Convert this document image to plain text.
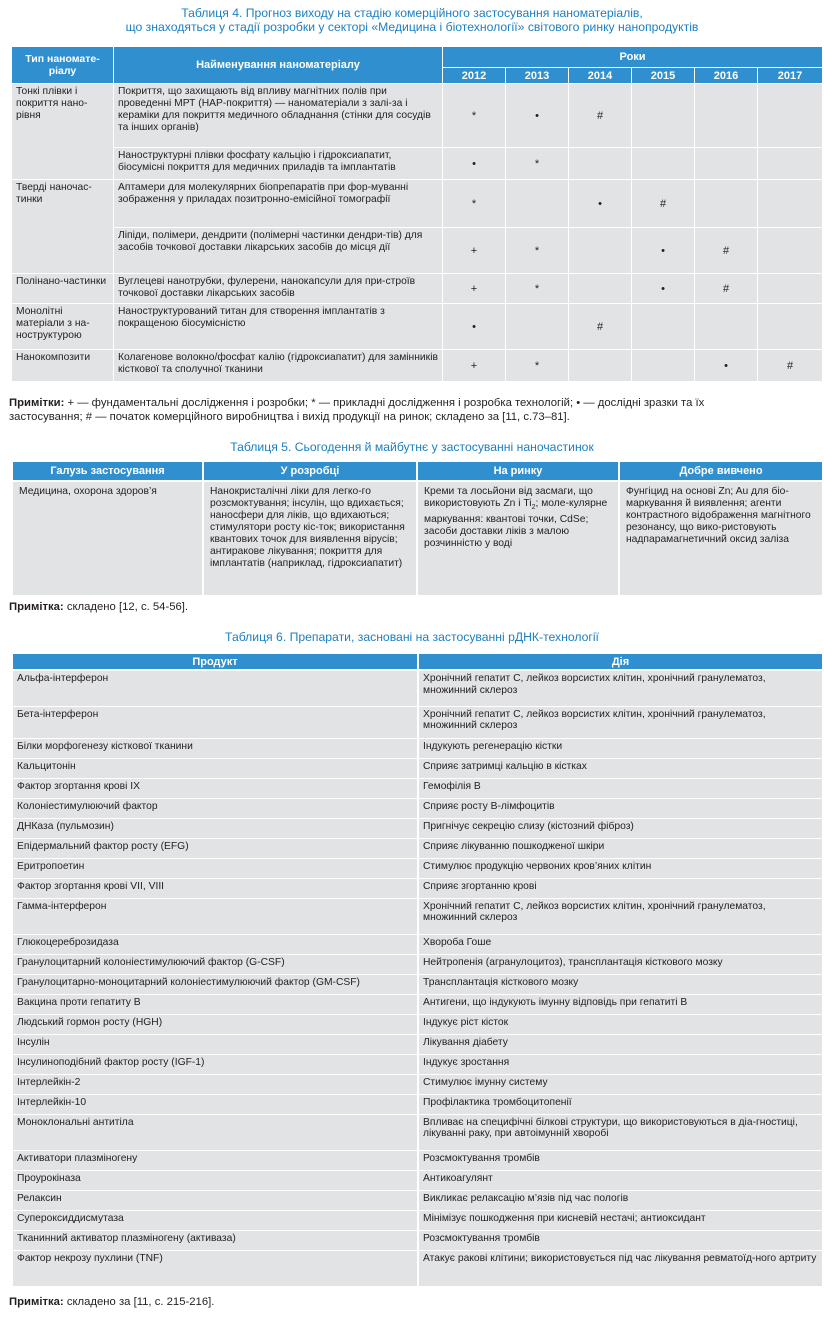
Таблиця 4. Прогноз виходу на стадію комерційного застосування наноматеріалів,
що знаходяться у стадії розробки у секторі «Медицина і біотехнології» світового ринку нанопродуктів
Тип наномате-ріалу	Найменування наноматеріалу	Роки					
		2012	2013	2014	2015	2016	2017
Тонкі плівки і покриття нано-рівня	Покриття, що захищають від впливу магнітних полів при проведенні МРТ (НАР-покриття) — наноматеріали з залі-за і кераміки для покриття медичного обладнання (стінки для сосудів та інших органів)	*	•	#			
	Наноструктурні плівки фосфату кальцію і гідроксиапатит, біосумісні покриття для медичних приладів та імплантатів	•	*				
Тверді наночас-тинки	Аптамери для молекулярних біопрепаратів при фор-муванні зображення у приладах позитронно-емісійної томографії	*		•	#		
	Ліпіди, полімери, дендрити (полімерні частинки дендри-тів) для засобів точкової доставки лікарських засобів до місця дії	+	*		•	#	
Полінано-частинки	Вуглецеві нанотрубки, фулерени, нанокапсули для при-строїв точкової доставки лікарських засобів	+	*		•	#	
Монолітні матеріали з на-ноструктурою	Наноструктурований титан для створення імплантатів з покращеною біосумісністю	•		#			
Нанокомпозити	Колагенове волокно/фосфат калію (гідроксиапатит) для замінників кісткової та сполучної тканини	+	*			•	#
Примітки: + — фундаментальні дослідження і розробки; * — прикладні дослідження і розробка технологій; • — дослідні зразки та їх
застосування; # — початок комерційного виробництва і вихід продукції на ринок; складено за [11, с.73–81].
Таблиця 5. Сьогодення й майбутнє у застосуванні наночастинок
Галузь застосування	У розробці	На ринку	Добре вивчено
Медицина, охорона здоров’я	Нанокристалічні ліки для легко-го розсмоктування; інсулін, що вдихається; наносфери для ліків, що вдихаються; стимулятори росту кіс-ток; використання квантових точок для виявлення вірусів; антиракове лікування; покриття для імплантатів (наприклад, гідроксиапатит)	Креми та лосьйони від засмаги, що використовують Zn і $Ti_2$; моле-кулярне маркування: квантові точки, CdSe; засоби доставки ліків з малою розчинністю у воді	Фунгіцид на основі Zn; Au для біо-маркування й виявлення; агенти контрастного відображення магнітного резонансу, що вико-ристовують надпарамагнетичний оксид заліза
Примітка: складено [12, с. 54-56].
Таблиця 6. Препарати, засновані на застосуванні рДНК-технології
Продукт	Дія
Альфа-інтерферон	Хронічний гепатит С, лейкоз ворсистих клітин, хронічний гранулематоз, множинний склероз
Бета-інтерферон	Хронічний гепатит С, лейкоз ворсистих клітин, хронічний гранулематоз, множинний склероз
Білки морфогенезу кісткової тканини	Індукують регенерацію кістки
Кальцитонін	Сприяє затримці кальцію в кістках
Фактор згортання крові IX	Гемофілія B
Колоніестимулюючий фактор	Сприяє росту В-лімфоцитів
ДНКаза (пульмозин)	Пригнічує секрецію слизу (кістозний фіброз)
Епідермальний фактор росту (EFG)	Сприяє лікуванню пошкодженої шкіри
Еритропоетин	Стимулює продукцію червоних кров’яних клітин
Фактор згортання крові VII, VIII	Сприяє згортанню крові
Гамма-інтерферон	Хронічний гепатит С, лейкоз ворсистих клітин, хронічний гранулематоз, множинний склероз
Глюкоцереброзидаза	Хвороба Гоше
Гранулоцитарний колоніестимулюючий фактор (G-CSF)	Нейтропенія (агранулоцитоз), трансплантація кісткового мозку
Гранулоцитарно-моноцитарний колоніестимулюючий фактор (GM-CSF)	Трансплантація кісткового мозку
Вакцина проти гепатиту B	Антигени, що індукують імунну відповідь при гепатиті B
Людський гормон росту (HGH)	Індукує ріст кісток
Інсулін	Лікування діабету
Інсулиноподібний фактор росту (IGF-1)	Індукує зростання
Інтерлейкін-2	Стимулює імунну систему
Інтерлейкін-10	Профілактика тромбоцитопенії
Моноклональні антитіла	Впливає на специфічні білкові структури, що використовуються в діа-гностиці, лікуванні раку, при автоімунній хворобі
Активатори плазміногену	Розсмоктування тромбів
Проурокіназа	Антикоагулянт
Релаксин	Викликає релаксацію м’язів під час пологів
Супероксиддисмутаза	Мінімізує пошкодження при кисневій нестачі; антиоксидант
Тканинний активатор плазміногену (активаза)	Розсмоктування тромбів
Фактор некрозу пухлини (TNF)	Атакує ракові клітини; використовується під час лікування ревматоїд-ного артриту
Примітка: складено за [11, с. 215-216].
